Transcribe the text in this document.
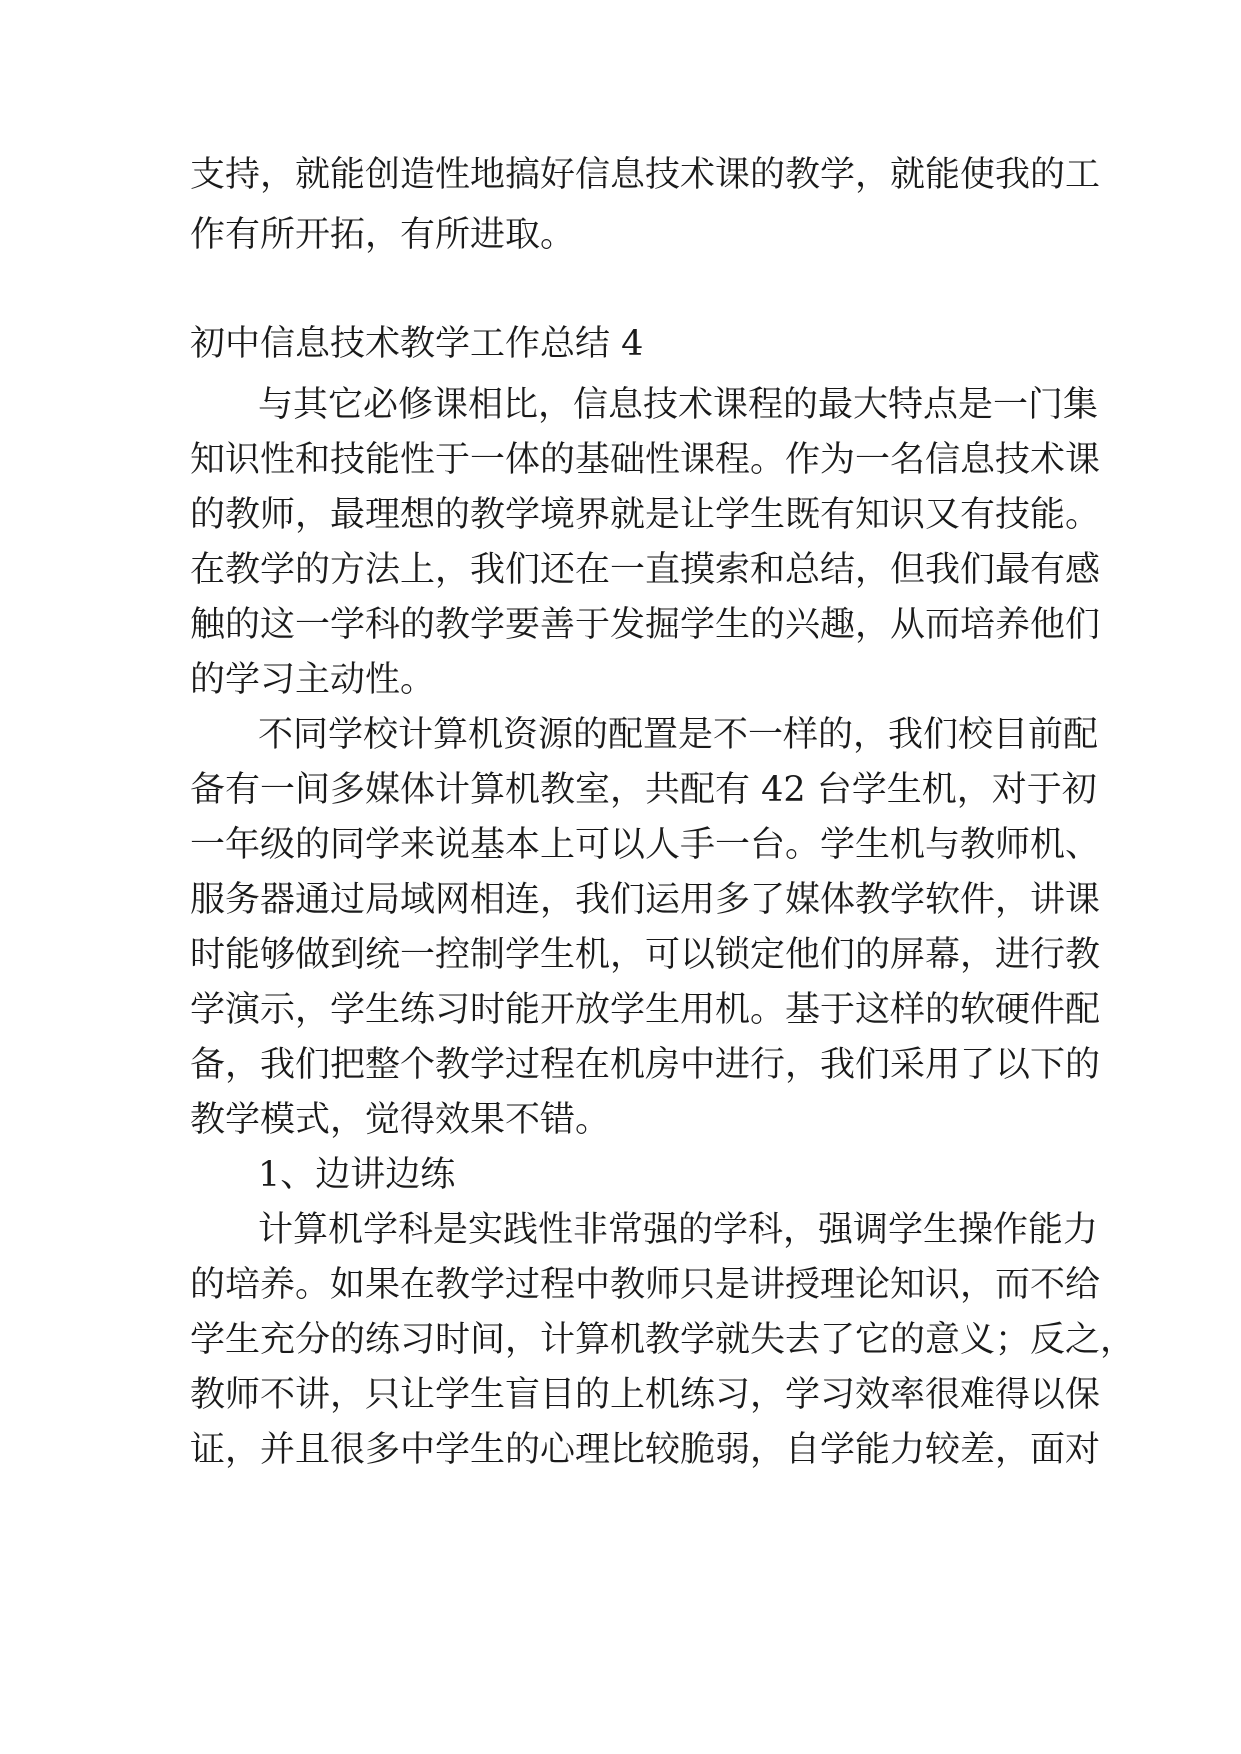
支持，就能创造性地搞好信息技术课的教学，就能使我的工
作有所开拓，有所进取。
初中信息技术教学工作总结 4
与其它必修课相比，信息技术课程的最大特点是一门集
知识性和技能性于一体的基础性课程。作为一名信息技术课
的教师，最理想的教学境界就是让学生既有知识又有技能。
在教学的方法上，我们还在一直摸索和总结，但我们最有感
触的这一学科的教学要善于发掘学生的兴趣，从而培养他们
的学习主动性。
不同学校计算机资源的配置是不一样的，我们校目前配
备有一间多媒体计算机教室，共配有 42 台学生机，对于初
一年级的同学来说基本上可以人手一台。学生机与教师机、
服务器通过局域网相连，我们运用多了媒体教学软件，讲课
时能够做到统一控制学生机，可以锁定他们的屏幕，进行教
学演示，学生练习时能开放学生用机。基于这样的软硬件配
备，我们把整个教学过程在机房中进行，我们采用了以下的
教学模式，觉得效果不错。
1、边讲边练
计算机学科是实践性非常强的学科，强调学生操作能力
的培养。如果在教学过程中教师只是讲授理论知识，而不给
学生充分的练习时间，计算机教学就失去了它的意义；反之，
教师不讲，只让学生盲目的上机练习，学习效率很难得以保
证，并且很多中学生的心理比较脆弱，自学能力较差，面对
